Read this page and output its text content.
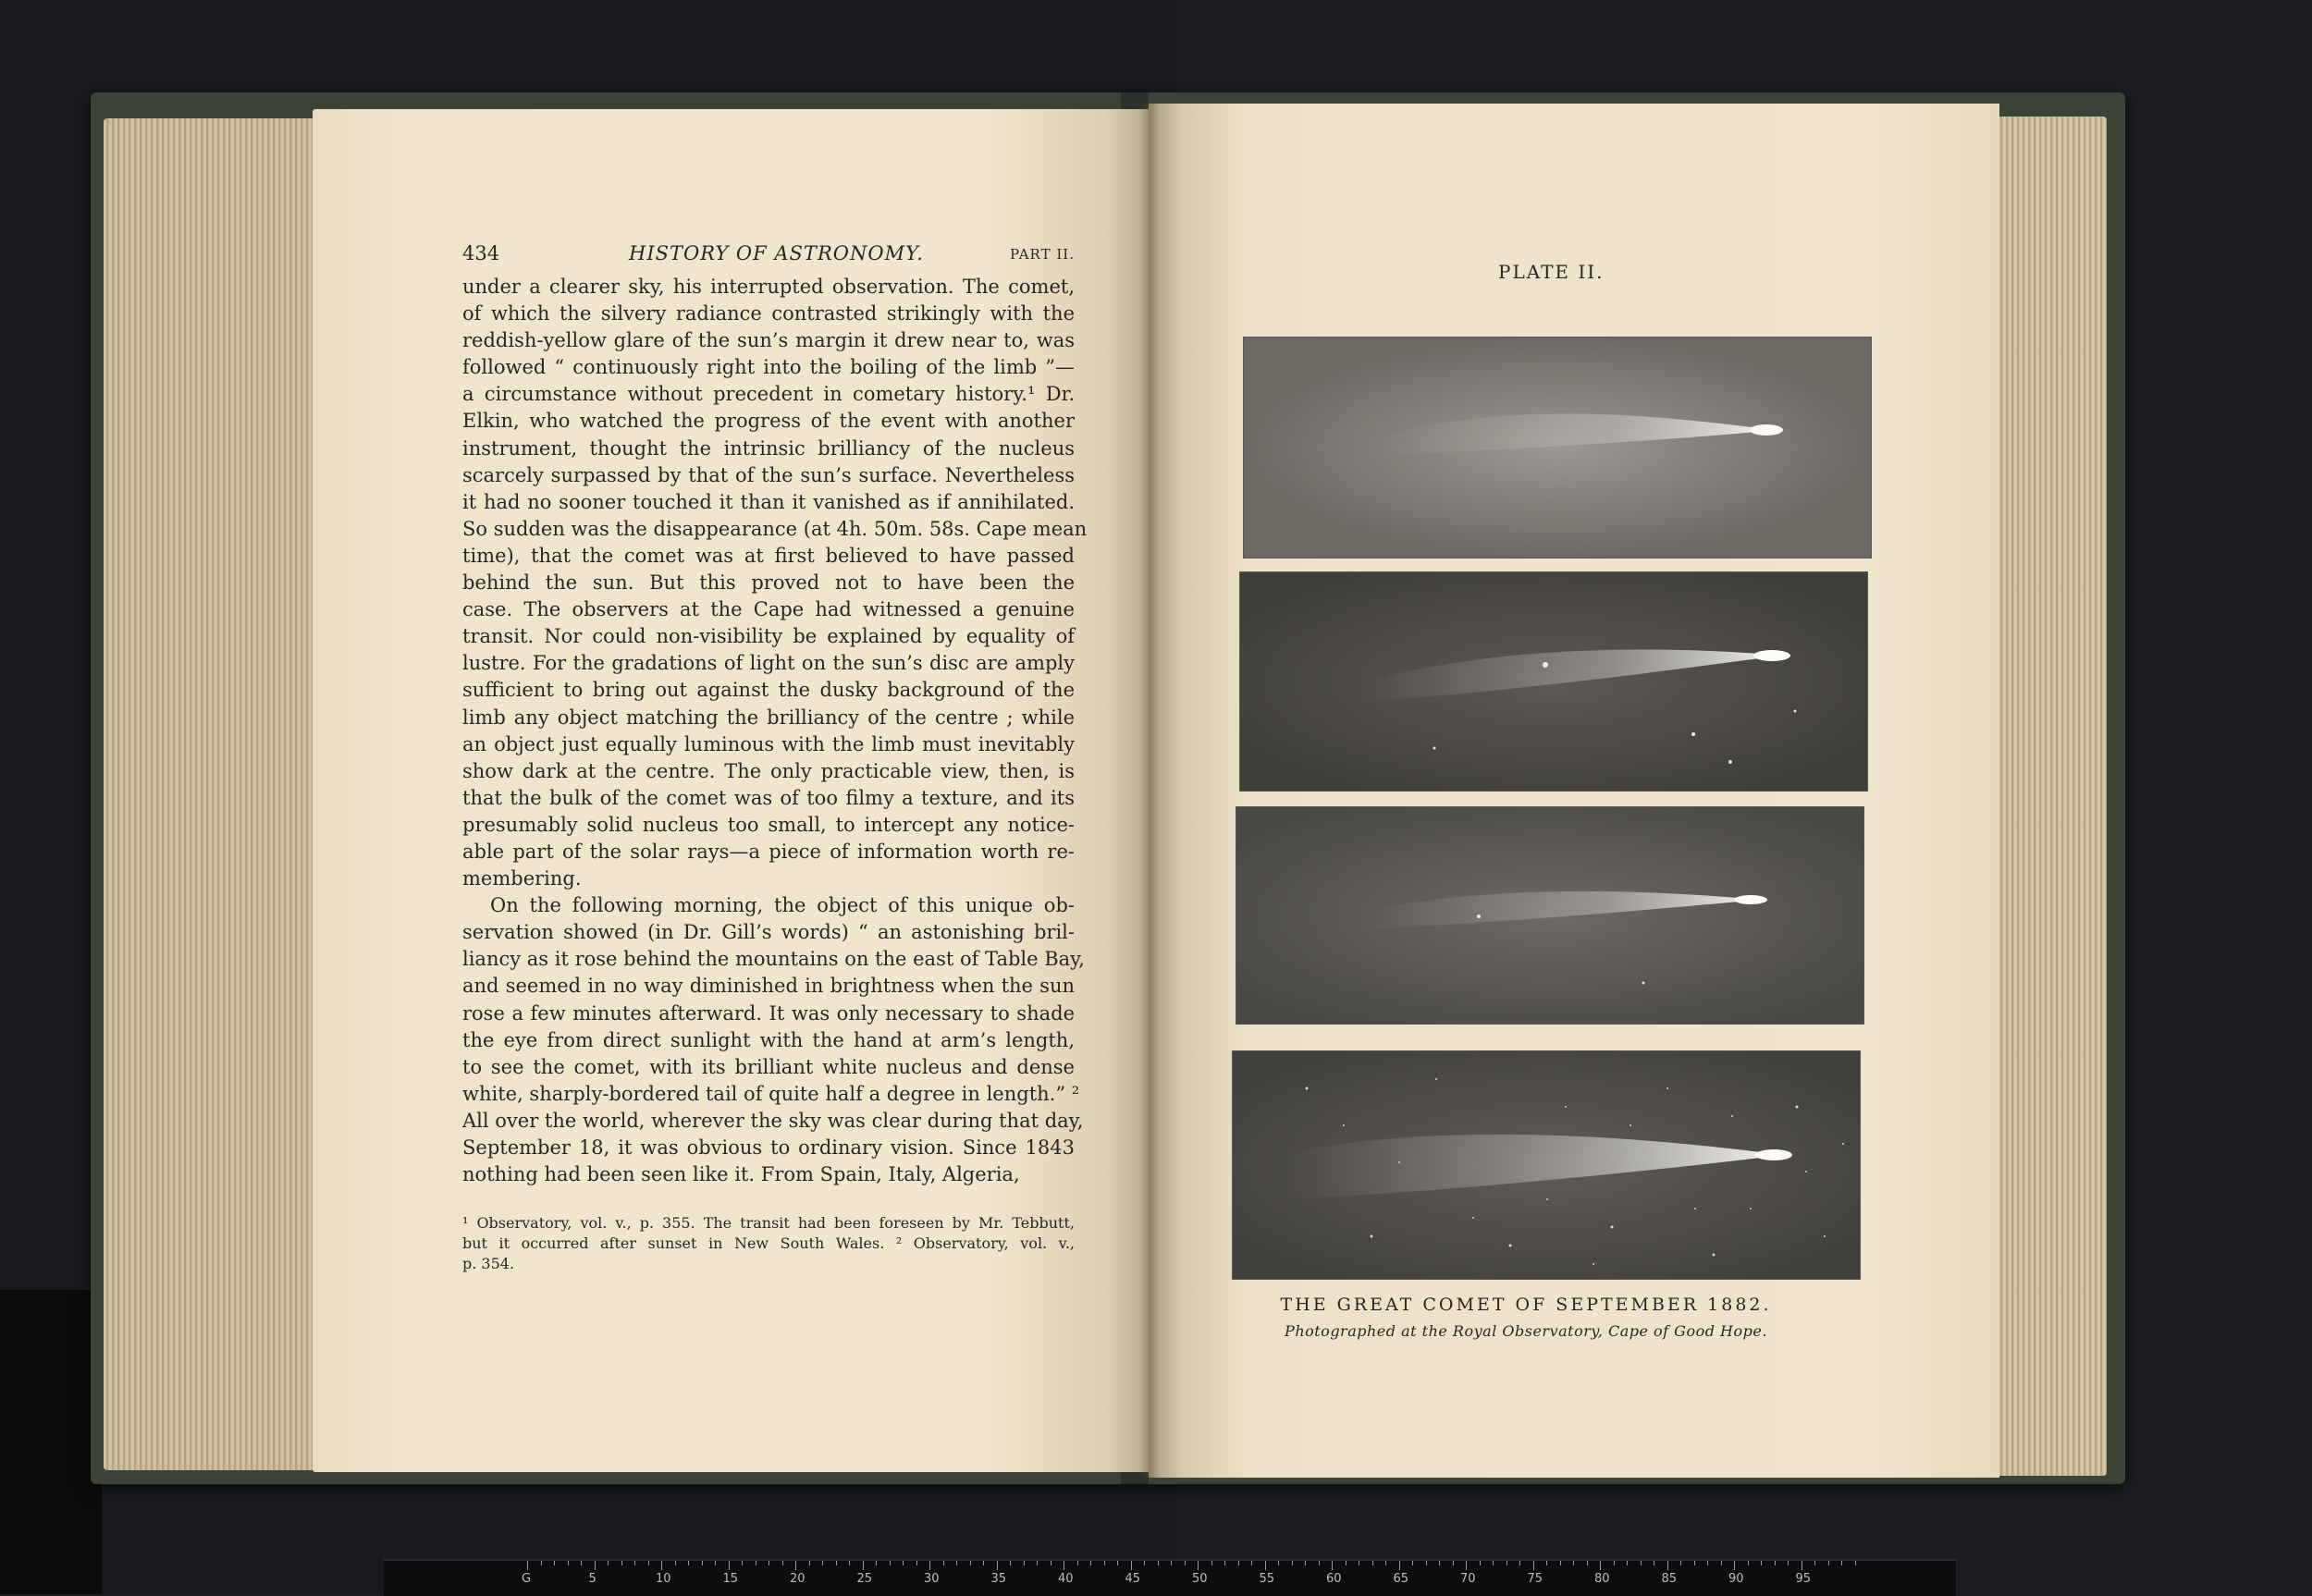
434	HISTORY OF ASTRONOMY.	PART II.
under a clearer sky, his interrupted observation. The comet,
of which the silvery radiance contrasted strikingly with the
reddish-yellow glare of the sun’s margin it drew near to, was
followed “ continuously right into the boiling of the limb ”—
a circumstance without precedent in cometary history.¹ Dr.
Elkin, who watched the progress of the event with another
instrument, thought the intrinsic brilliancy of the nucleus
scarcely surpassed by that of the sun’s surface. Nevertheless
it had no sooner touched it than it vanished as if annihilated.
So sudden was the disappearance (at 4h. 50m. 58s. Cape mean
time), that the comet was at first believed to have passed
behind the sun. But this proved not to have been the
case. The observers at the Cape had witnessed a genuine
transit. Nor could non-visibility be explained by equality of
lustre. For the gradations of light on the sun’s disc are amply
sufficient to bring out against the dusky background of the
limb any object matching the brilliancy of the centre ; while
an object just equally luminous with the limb must inevitably
show dark at the centre. The only practicable view, then, is
that the bulk of the comet was of too filmy a texture, and its
presumably solid nucleus too small, to intercept any notice-
able part of the solar rays—a piece of information worth re-
membering.
On the following morning, the object of this unique ob-
servation showed (in Dr. Gill’s words) “ an astonishing bril-
liancy as it rose behind the mountains on the east of Table Bay,
and seemed in no way diminished in brightness when the sun
rose a few minutes afterward. It was only necessary to shade
the eye from direct sunlight with the hand at arm’s length,
to see the comet, with its brilliant white nucleus and dense
white, sharply-bordered tail of quite half a degree in length.” ²
All over the world, wherever the sky was clear during that day,
September 18, it was obvious to ordinary vision. Since 1843
nothing had been seen like it. From Spain, Italy, Algeria,
¹ Observatory, vol. v., p. 355. The transit had been foreseen by Mr. Tebbutt,
but it occurred after sunset in New South Wales. ² Observatory, vol. v.,
p. 354.
PLATE II.
THE GREAT COMET OF SEPTEMBER 1882.
Photographed at the Royal Observatory, Cape of Good Hope.
G	5	10	15	20	25	30	35	40	45	50	55	60	65	70	75	80	85	90	95
